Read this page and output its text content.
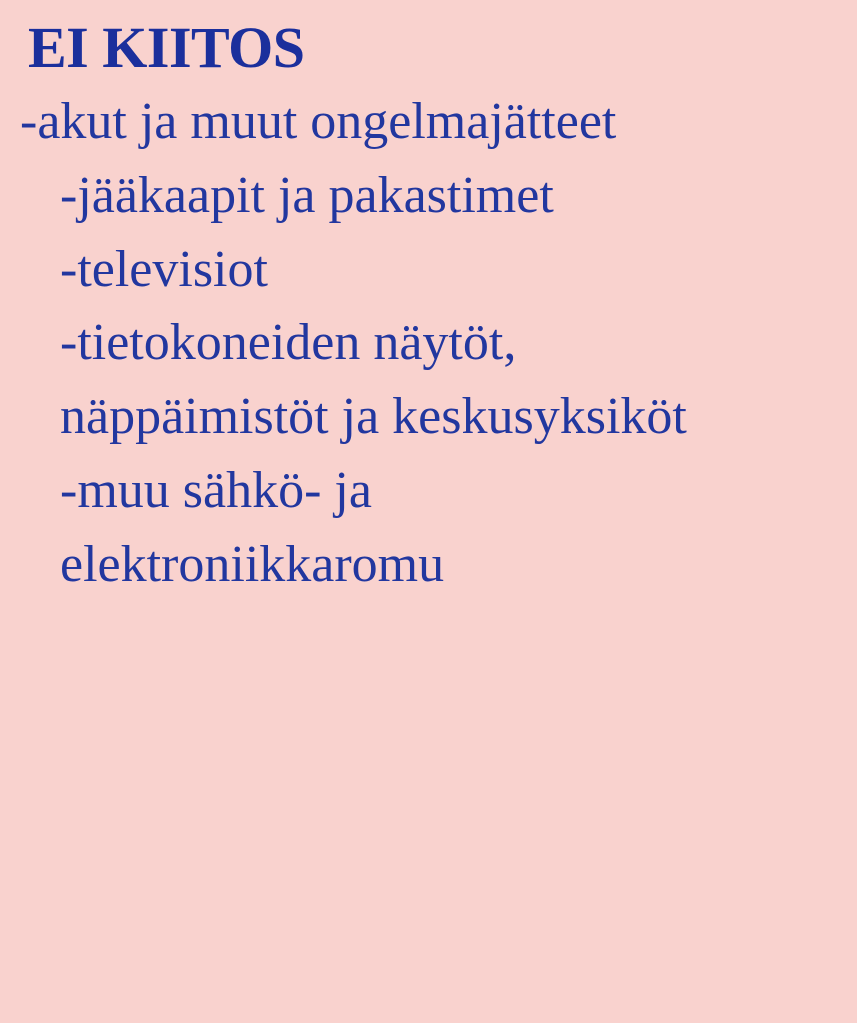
EI KIITOS
-akut ja muut ongelmajätteet
-jääkaapit ja pakastimet
-televisiot
-tietokoneiden näytöt,
näppäimistöt ja keskusyksiköt
-muu sähkö- ja
elektroniikkaromu
